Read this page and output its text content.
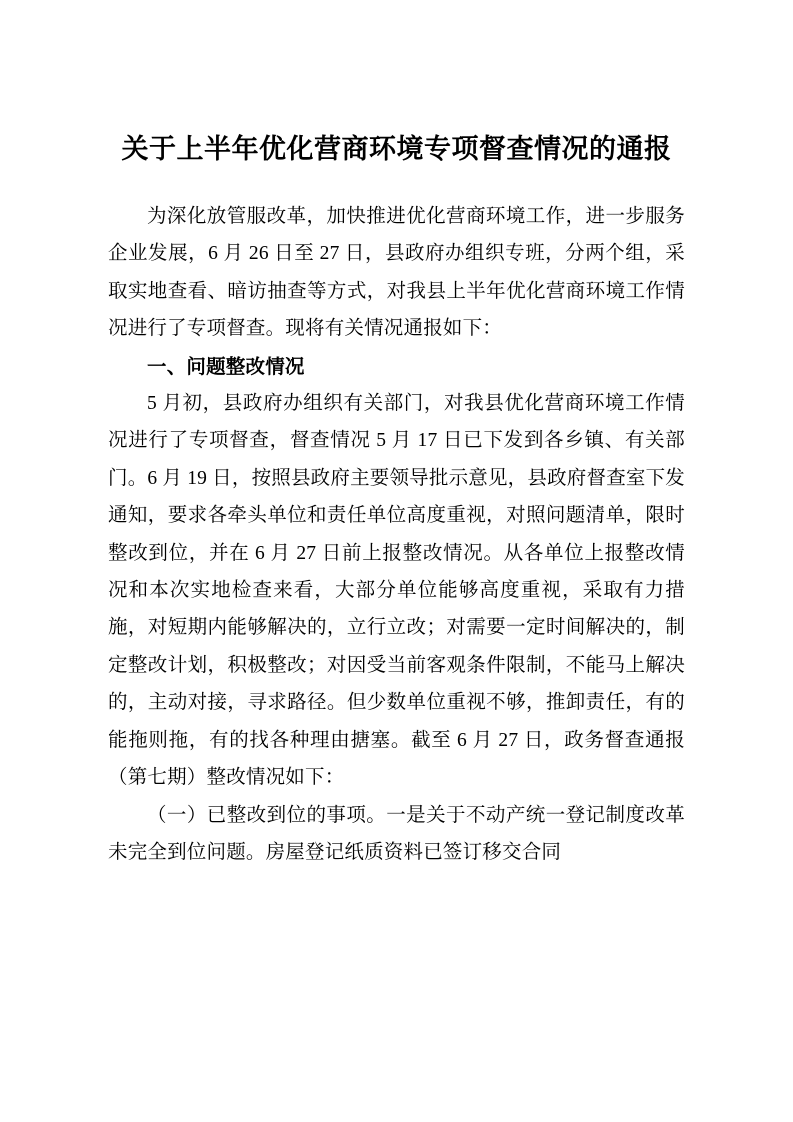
关于上半年优化营商环境专项督查情况的通报

为深化放管服改革，加快推进优化营商环境工作，进一步服务企业发展，6 月 26 日至 27 日，县政府办组织专班，分两个组，采取实地查看、暗访抽查等方式，对我县上半年优化营商环境工作情况进行了专项督查。现将有关情况通报如下：

一、问题整改情况

5 月初，县政府办组织有关部门，对我县优化营商环境工作情况进行了专项督查，督查情况 5 月 17 日已下发到各乡镇、有关部门。6 月 19 日，按照县政府主要领导批示意见，县政府督查室下发通知，要求各牵头单位和责任单位高度重视，对照问题清单，限时整改到位，并在 6 月 27 日前上报整改情况。从各单位上报整改情况和本次实地检查来看，大部分单位能够高度重视，采取有力措施，对短期内能够解决的，立行立改；对需要一定时间解决的，制定整改计划，积极整改；对因受当前客观条件限制，不能马上解决的，主动对接，寻求路径。但少数单位重视不够，推卸责任，有的能拖则拖，有的找各种理由搪塞。截至 6 月 27 日，政务督查通报（第七期）整改情况如下：

（一）已整改到位的事项。一是关于不动产统一登记制度改革未完全到位问题。房屋登记纸质资料已签订移交合同
